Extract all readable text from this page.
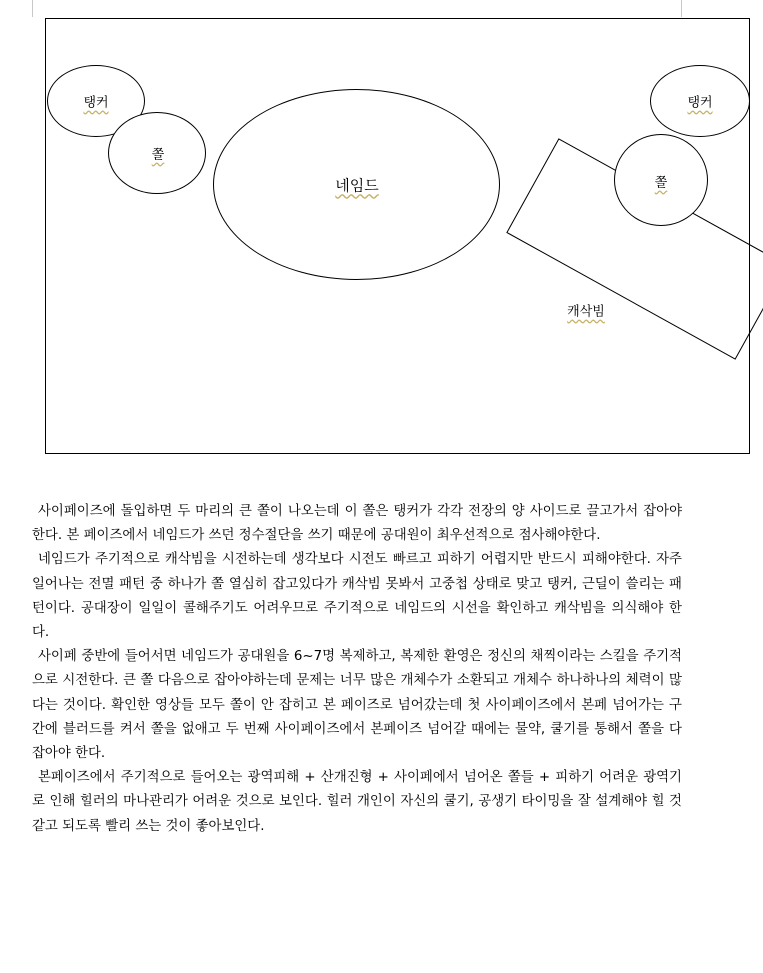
탱커
쫄
네임드
캐삭빔
탱커
쫄

사이페이즈에 돌입하면 두 마리의 큰 쫄이 나오는데 이 쫄은 탱커가 각각 전장의 양 사이드로 끌고가서 잡아야한다. 본 페이즈에서 네임드가 쓰던 정수절단을 쓰기 때문에 공대원이 최우선적으로 점사해야한다.

네임드가 주기적으로 캐삭빔을 시전하는데 생각보다 시전도 빠르고 피하기 어렵지만 반드시 피해야한다. 자주 일어나는 전멸 패턴 중 하나가 쫄 열심히 잡고있다가 캐삭빔 못봐서 고중첩 상태로 맞고 탱커, 근딜이 쓸리는 패턴이다. 공대장이 일일이 콜해주기도 어려우므로 주기적으로 네임드의 시선을 확인하고 캐삭빔을 의식해야 한다.

사이페 중반에 들어서면 네임드가 공대원을 6~7명 복제하고, 복제한 환영은 정신의 채찍이라는 스킬을 주기적으로 시전한다. 큰 쫄 다음으로 잡아야하는데 문제는 너무 많은 개체수가 소환되고 개체수 하나하나의 체력이 많다는 것이다. 확인한 영상들 모두 쫄이 안 잡히고 본 페이즈로 넘어갔는데 첫 사이페이즈에서 본페 넘어가는 구간에 블러드를 켜서 쫄을 없애고 두 번째 사이페이즈에서 본페이즈 넘어갈 때에는 물약, 쿨기를 통해서 쫄을 다 잡아야 한다.

본페이즈에서 주기적으로 들어오는 광역피해 + 산개진형 + 사이페에서 넘어온 쫄들 + 피하기 어려운 광역기로 인해 힐러의 마나관리가 어려운 것으로 보인다. 힐러 개인이 자신의 쿨기, 공생기 타이밍을 잘 설계해야 힐 것 같고 되도록 빨리 쓰는 것이 좋아보인다.
